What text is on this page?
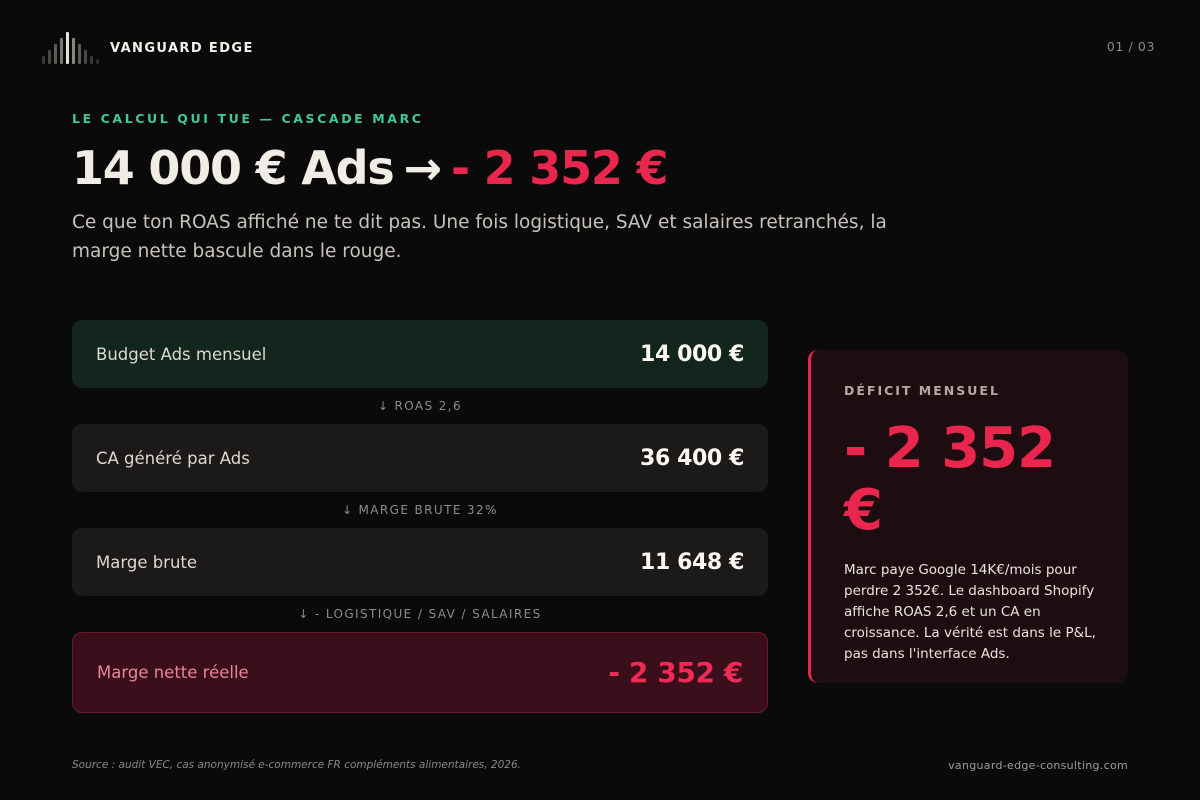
VANGUARD EDGE	01 / 03
LE CALCUL QUI TUE — CASCADE MARC
14 000 € Ads → - 2 352 €

Ce que ton ROAS affiché ne te dit pas. Une fois logistique, SAV et salaires retranchés, la marge nette bascule dans le rouge.

Budget Ads mensuel	14 000 €
↓ ROAS 2,6
CA généré par Ads	36 400 €
↓ MARGE BRUTE 32%
Marge brute	11 648 €
↓ - LOGISTIQUE / SAV / SALAIRES
Marge nette réelle	- 2 352 €
DÉFICIT MENSUEL
- 2 352 €

Marc paye Google 14K€/mois pour perdre 2 352€. Le dashboard Shopify affiche ROAS 2,6 et un CA en croissance. La vérité est dans le P&L, pas dans l'interface Ads.

Source : audit VEC, cas anonymisé e-commerce FR compléments alimentaires, 2026.	vanguard-edge-consulting.com
